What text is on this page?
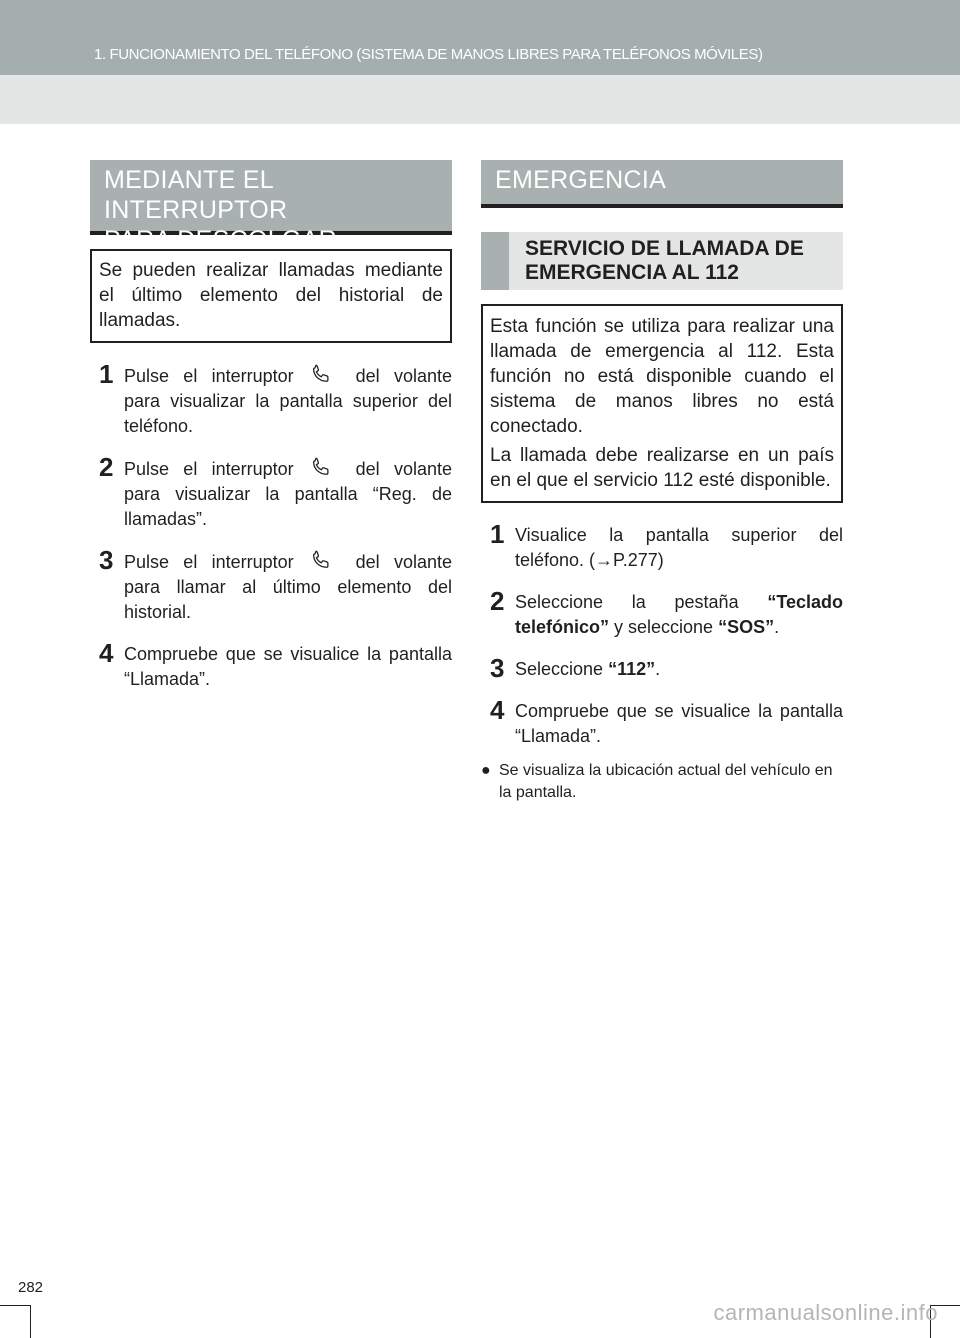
1. FUNCIONAMIENTO DEL TELÉFONO (SISTEMA DE MANOS LIBRES PARA TELÉFONOS MÓVILES)
MEDIANTE EL INTERRUPTOR
PARA DESCOLGAR

Se pueden realizar llamadas mediante el último elemento del historial de llamadas.

1 Pulse el interruptor	del volante para visualizar la pantalla superior del teléfono.
2 Pulse el interruptor	del volante para visualizar la pantalla “Reg. de llamadas”.
3 Pulse el interruptor	del volante para llamar al último elemento del historial.
4 Compruebe que se visualice la pantalla “Llamada”.
EMERGENCIA
SERVICIO DE LLAMADA DE
EMERGENCIA AL 112

Esta función se utiliza para realizar una llamada de emergencia al 112. Esta función no está disponible cuando el sistema de manos libres no está conectado.

La llamada debe realizarse en un país en el que el servicio 112 esté disponible.

1 Visualice la pantalla superior del teléfono. (→P.277)
2 Seleccione la pestaña “Teclado telefónico” y seleccione “SOS”.
3 Seleccione “112”.
4 Compruebe que se visualice la pantalla “Llamada”.
● Se visualiza la ubicación actual del vehículo en la pantalla.
282
carmanualsonline.info
